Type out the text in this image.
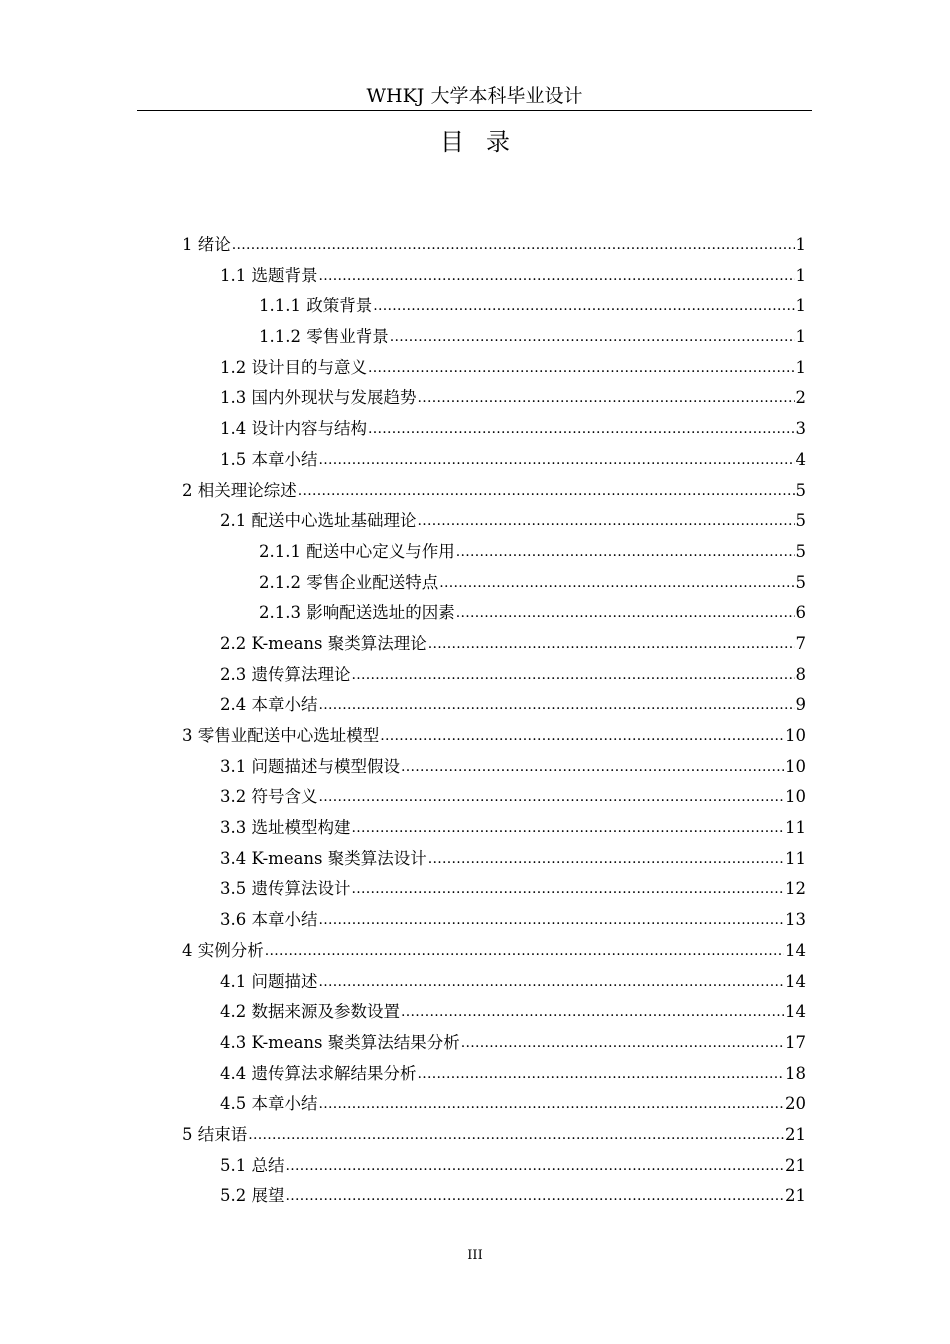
WHKJ 大学本科毕业设计
目录
1 绪论 .....	1
1.1 选题背景 .....	1
1.1.1 政策背景 .....	1
1.1.2 零售业背景 .....	1
1.2 设计目的与意义 .....	1
1.3 国内外现状与发展趋势 .....	2
1.4 设计内容与结构 .....	3
1.5 本章小结 .....	4
2 相关理论综述 .....	5
2.1 配送中心选址基础理论 .....	5
2.1.1 配送中心定义与作用 .....	5
2.1.2 零售企业配送特点 .....	5
2.1.3 影响配送选址的因素 .....	6
2.2 K-means 聚类算法理论 .....	7
2.3 遗传算法理论 .....	8
2.4 本章小结 .....	9
3 零售业配送中心选址模型 .....	10
3.1 问题描述与模型假设 .....	10
3.2 符号含义 .....	10
3.3 选址模型构建 .....	11
3.4 K-means 聚类算法设计 .....	11
3.5 遗传算法设计 .....	12
3.6 本章小结 .....	13
4 实例分析 .....	14
4.1 问题描述 .....	14
4.2 数据来源及参数设置 .....	14
4.3 K-means 聚类算法结果分析 .....	17
4.4 遗传算法求解结果分析 .....	18
4.5 本章小结 .....	20
5 结束语 .....	21
5.1 总结 .....	21
5.2 展望 .....	21
III
